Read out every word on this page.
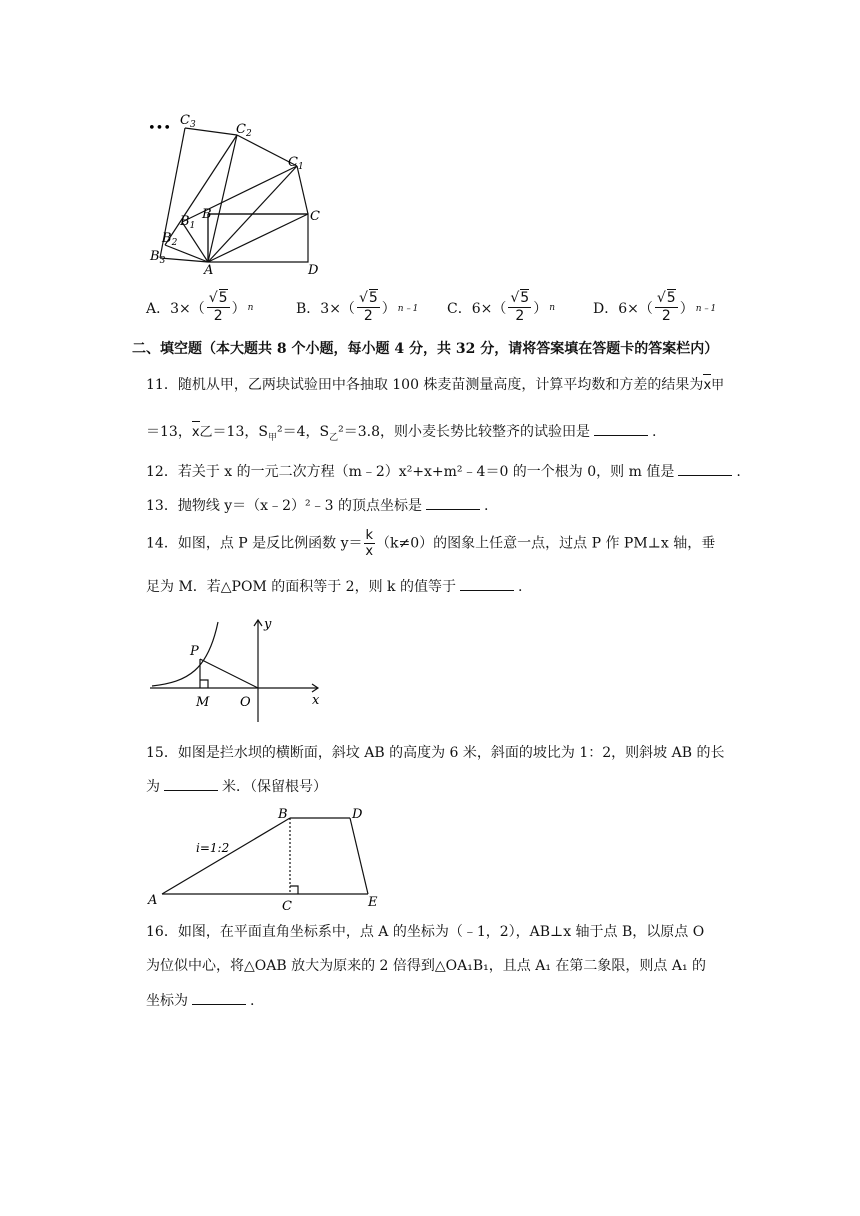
•••
$C_3$	$C_2$
$C_1$
C
D
A
B
$B_1$
$B_2$
$B_3$
A．$3\times( \frac{√5}{2}$ ） n	B．$3\times( \frac{√5}{2}$ ） n﹣1 C．$6\times( \frac{√5}{2}$ ） n	D．$6\times( \frac{√5}{2}$ ） n﹣1
二、填空题（本大题共 8 个小题，每小题 4 分，共 32 分，请将答案填在答题卡的答案栏内）
11．随机从甲，乙两块试验田中各抽取 100 株麦苗测量高度，计算平均数和方差的结果为x甲
＝13，x乙＝13，$S_甲^2=4$，$S_乙^2=3.8$，则小麦长势比较整齐的试验田是	.
12．若关于 x 的一元二次方程（m﹣2）x²+x+m²﹣4＝0 的一个根为 0，则 m 值是	.
13．抛物线 y＝（x﹣2）²﹣3 的顶点坐标是	.
14．如图，点 P 是反比例函数 $y= \frac{k}{x} (k\ne 0)$的图象上任意一点，过点 P 作 PM⊥x 轴，垂
足为 M．若△POM 的面积等于 2，则 k 的值等于	.
P
M O	x
y
15．如图是拦水坝的横断面，斜坟 AB 的高度为 6 米，斜面的坡比为 1：2，则斜坡 AB 的长
为	米．（保留根号）
A
B
C
D
E
i=1:2
16．如图，在平面直角坐标系中，点 A 的坐标为（﹣1，2），AB⊥x 轴于点 B，以原点 O
为位似中心，将△OAB 放大为原来的 2 倍得到△OA₁B₁，且点 A₁ 在第二象限，则点 A₁ 的
坐标为	.
